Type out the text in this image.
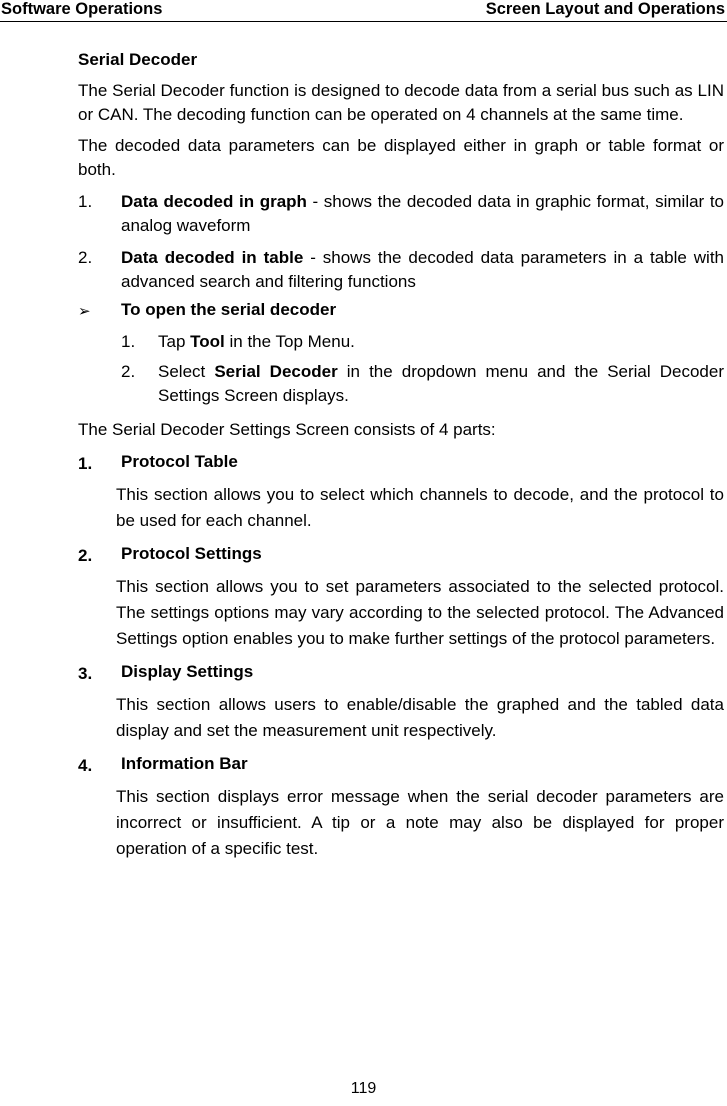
Software Operations	Screen Layout and Operations
Serial Decoder

The Serial Decoder function is designed to decode data from a serial bus such as LIN or CAN. The decoding function can be operated on 4 channels at the same time.

The decoded data parameters can be displayed either in graph or table format or both.

1.	Data decoded in graph - shows the decoded data in graphic format, similar to analog waveform
2.	Data decoded in table - shows the decoded data parameters in a table with advanced search and filtering functions
➢	To open the serial decoder
1.	Tap Tool in the Top Menu.
2.	Select Serial Decoder in the dropdown menu and the Serial Decoder Settings Screen displays.

The Serial Decoder Settings Screen consists of 4 parts:

1.	Protocol Table
This section allows you to select which channels to decode, and the protocol to be used for each channel.
2.	Protocol Settings
This section allows you to set parameters associated to the selected protocol. The settings options may vary according to the selected protocol. The Advanced Settings option enables you to make further settings of the protocol parameters.
3.	Display Settings
This section allows users to enable/disable the graphed and the tabled data display and set the measurement unit respectively.
4.	Information Bar
This section displays error message when the serial decoder parameters are incorrect or insufficient. A tip or a note may also be displayed for proper operation of a specific test.
119
